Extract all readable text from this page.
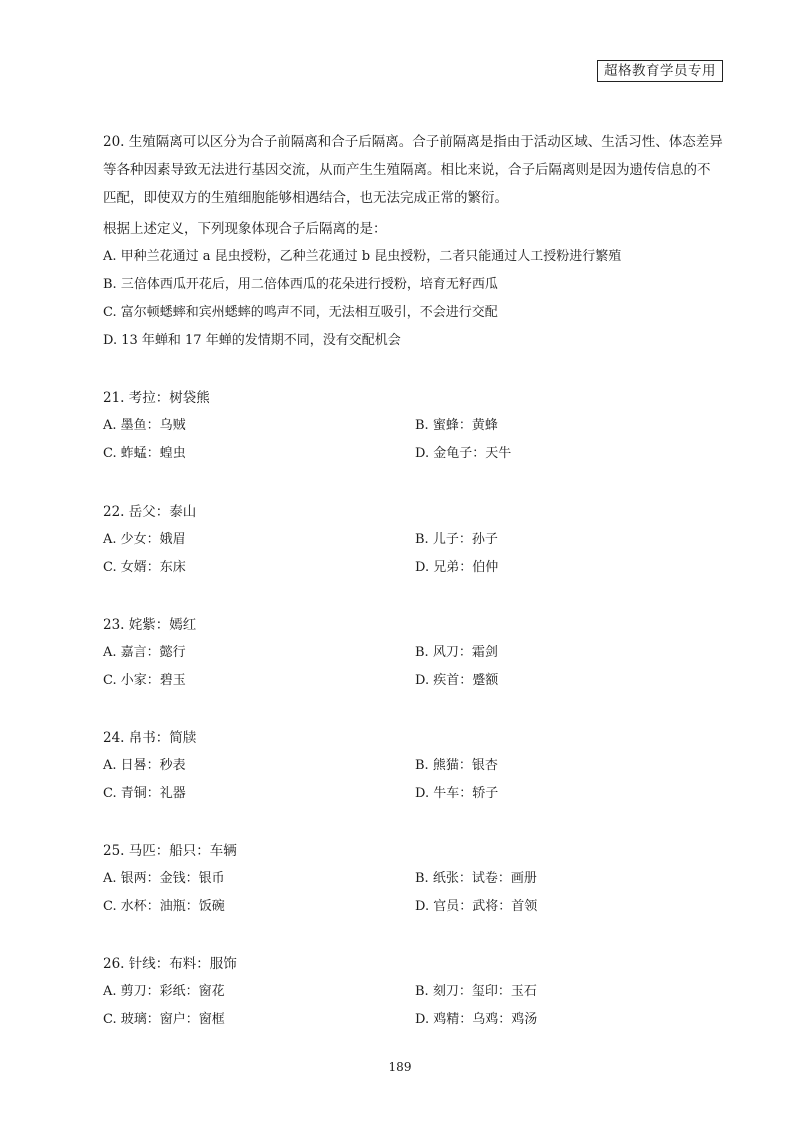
超格教育学员专用
20. 生殖隔离可以区分为合子前隔离和合子后隔离。合子前隔离是指由于活动区域、生活习性、体态差异等各种因素导致无法进行基因交流，从而产生生殖隔离。相比来说，合子后隔离则是因为遗传信息的不匹配，即使双方的生殖细胞能够相遇结合，也无法完成正常的繁衍。
根据上述定义，下列现象体现合子后隔离的是：
A. 甲种兰花通过 a 昆虫授粉，乙种兰花通过 b 昆虫授粉，二者只能通过人工授粉进行繁殖
B. 三倍体西瓜开花后，用二倍体西瓜的花朵进行授粉，培育无籽西瓜
C. 富尔顿蟋蟀和宾州蟋蟀的鸣声不同，无法相互吸引，不会进行交配
D. 13 年蝉和 17 年蝉的发情期不同，没有交配机会
21. 考拉：树袋熊
A. 墨鱼：乌贼	B. 蜜蜂：黄蜂
C. 蚱蜢：蝗虫	D. 金龟子：天牛
22. 岳父：泰山
A. 少女：娥眉	B. 儿子：孙子
C. 女婿：东床	D. 兄弟：伯仲
23. 姹紫：嫣红
A. 嘉言：懿行	B. 风刀：霜剑
C. 小家：碧玉	D. 疾首：蹙额
24. 帛书：简牍
A. 日晷：秒表	B. 熊猫：银杏
C. 青铜：礼器	D. 牛车：轿子
25. 马匹：船只：车辆
A. 银两：金钱：银币	B. 纸张：试卷：画册
C. 水杯：油瓶：饭碗	D. 官员：武将：首领
26. 针线：布料：服饰
A. 剪刀：彩纸：窗花	B. 刻刀：玺印：玉石
C. 玻璃：窗户：窗框	D. 鸡精：乌鸡：鸡汤
189
